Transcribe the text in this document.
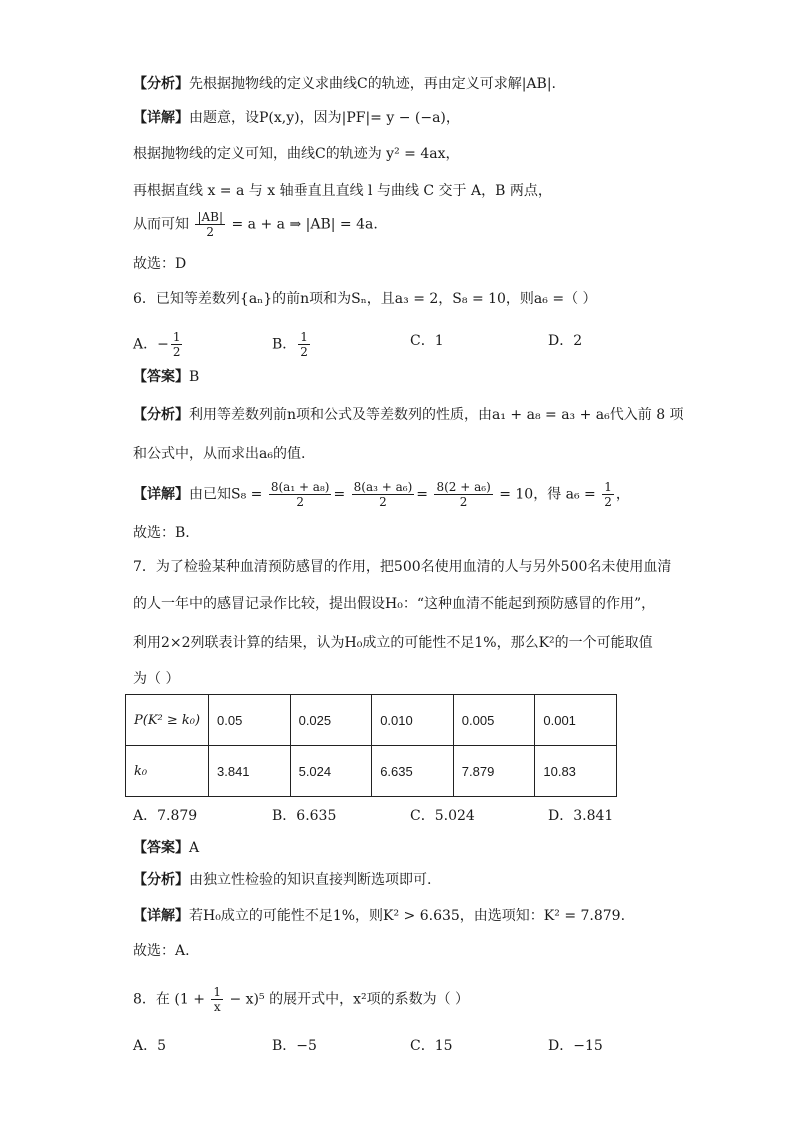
【分析】先根据抛物线的定义求曲线C的轨迹，再由定义可求解|AB|.
【详解】由题意，设P(x,y)，因为|PF|= y − (−a)，
根据抛物线的定义可知，曲线C的轨迹为 y² = 4ax，
再根据直线 x = a 与 x 轴垂直且直线 l 与曲线 C 交于 A，B 两点，
从而可知 $\frac{|AB|}{2} = a + a$ ⇒ |AB| = 4a.
故选：D
6．已知等差数列{aₙ}的前n项和为Sₙ，且a₃ = 2，S₈ = 10，则a₆ =（ ）
A．− $\frac{1}{2}$	B． $\frac{1}{2}$	C．1	D．2
【答案】B
【分析】利用等差数列前n项和公式及等差数列的性质，由a₁ + a₈ = a₃ + a₆代入前 8 项
和公式中，从而求出a₆的值.
【详解】由已知$S_8 = \frac{\text{8(a₁ + a₈)}}{2} = \frac{\text{8(a₃ + a₆)}}{2} = \frac{\text{8(2 + a₆)}}{2} = 10$，得 $a_6 = \frac{1}{2}$ ，
故选：B.
7．为了检验某种血清预防感冒的作用，把500名使用血清的人与另外500名未使用血清
的人一年中的感冒记录作比较，提出假设H₀：“这种血清不能起到预防感冒的作用”，
利用2×2列联表计算的结果，认为H₀成立的可能性不足1%，那么K²的一个可能取值
为（ ）
P(K² ≥ k₀)	0.05	0.025	0.010	0.005	0.001
k₀	3.841	5.024	6.635	7.879	10.83
A．7.879	B．6.635	C．5.024	D．3.841
【答案】A
【分析】由独立性检验的知识直接判断选项即可.
【详解】若H₀成立的可能性不足1%，则K² > 6.635，由选项知：K² = 7.879.
故选：A.
8．在 $(1 + \frac{1}{x} - x)^5$ 的展开式中，x²项的系数为（ ）
A．5	B．−5	C．15	D．−15
